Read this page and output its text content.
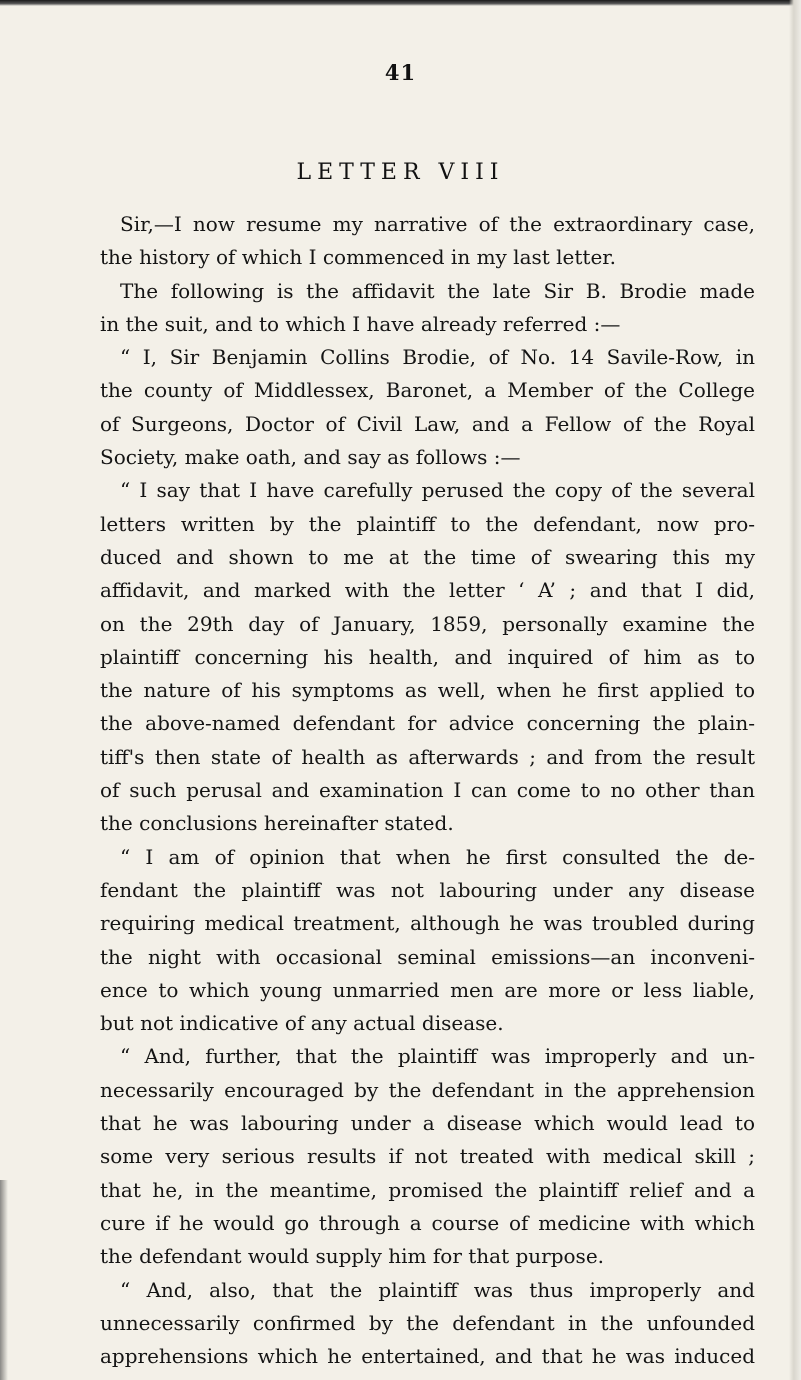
41
LETTER VIII
Sir,—I now resume my narrative of the extraordinary case,
the history of which I commenced in my last letter.
The following is the affidavit the late Sir B. Brodie made
in the suit, and to which I have already referred :—
“ I, Sir Benjamin Collins Brodie, of No. 14 Savile-Row, in
the county of Middlessex, Baronet, a Member of the College
of Surgeons, Doctor of Civil Law, and a Fellow of the Royal
Society, make oath, and say as follows :—
“ I say that I have carefully perused the copy of the several
letters written by the plaintiff to the defendant, now pro-
duced and shown to me at the time of swearing this my
affidavit, and marked with the letter ‘ A’ ; and that I did,
on the 29th day of January, 1859, personally examine the
plaintiff concerning his health, and inquired of him as to
the nature of his symptoms as well, when he first applied to
the above-named defendant for advice concerning the plain-
tiff's then state of health as afterwards ; and from the result
of such perusal and examination I can come to no other than
the conclusions hereinafter stated.
“ I am of opinion that when he first consulted the de-
fendant the plaintiff was not labouring under any disease
requiring medical treatment, although he was troubled during
the night with occasional seminal emissions—an inconveni-
ence to which young unmarried men are more or less liable,
but not indicative of any actual disease.
“ And, further, that the plaintiff was improperly and un-
necessarily encouraged by the defendant in the apprehension
that he was labouring under a disease which would lead to
some very serious results if not treated with medical skill ;
that he, in the meantime, promised the plaintiff relief and a
cure if he would go through a course of medicine with which
the defendant would supply him for that purpose.
“ And, also, that the plaintiff was thus improperly and
unnecessarily confirmed by the defendant in the unfounded
apprehensions which he entertained, and that he was induced
